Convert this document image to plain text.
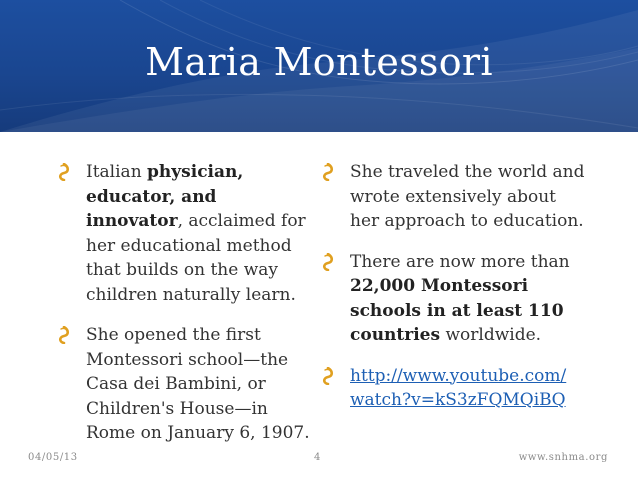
Maria Montessori
Italian physician, educator, and innovator, acclaimed for her educational method that builds on the way children naturally learn.
She opened the first Montessori school—the Casa dei Bambini, or Children's House—in Rome on January 6, 1907.
She traveled the world and wrote extensively about her approach to education.
There are now more than 22,000 Montessori schools in at least 110 countries worldwide.
http://www.youtube.com/
watch?v=kS3zFQMQiBQ
04/05/13	4	www.snhma.org
